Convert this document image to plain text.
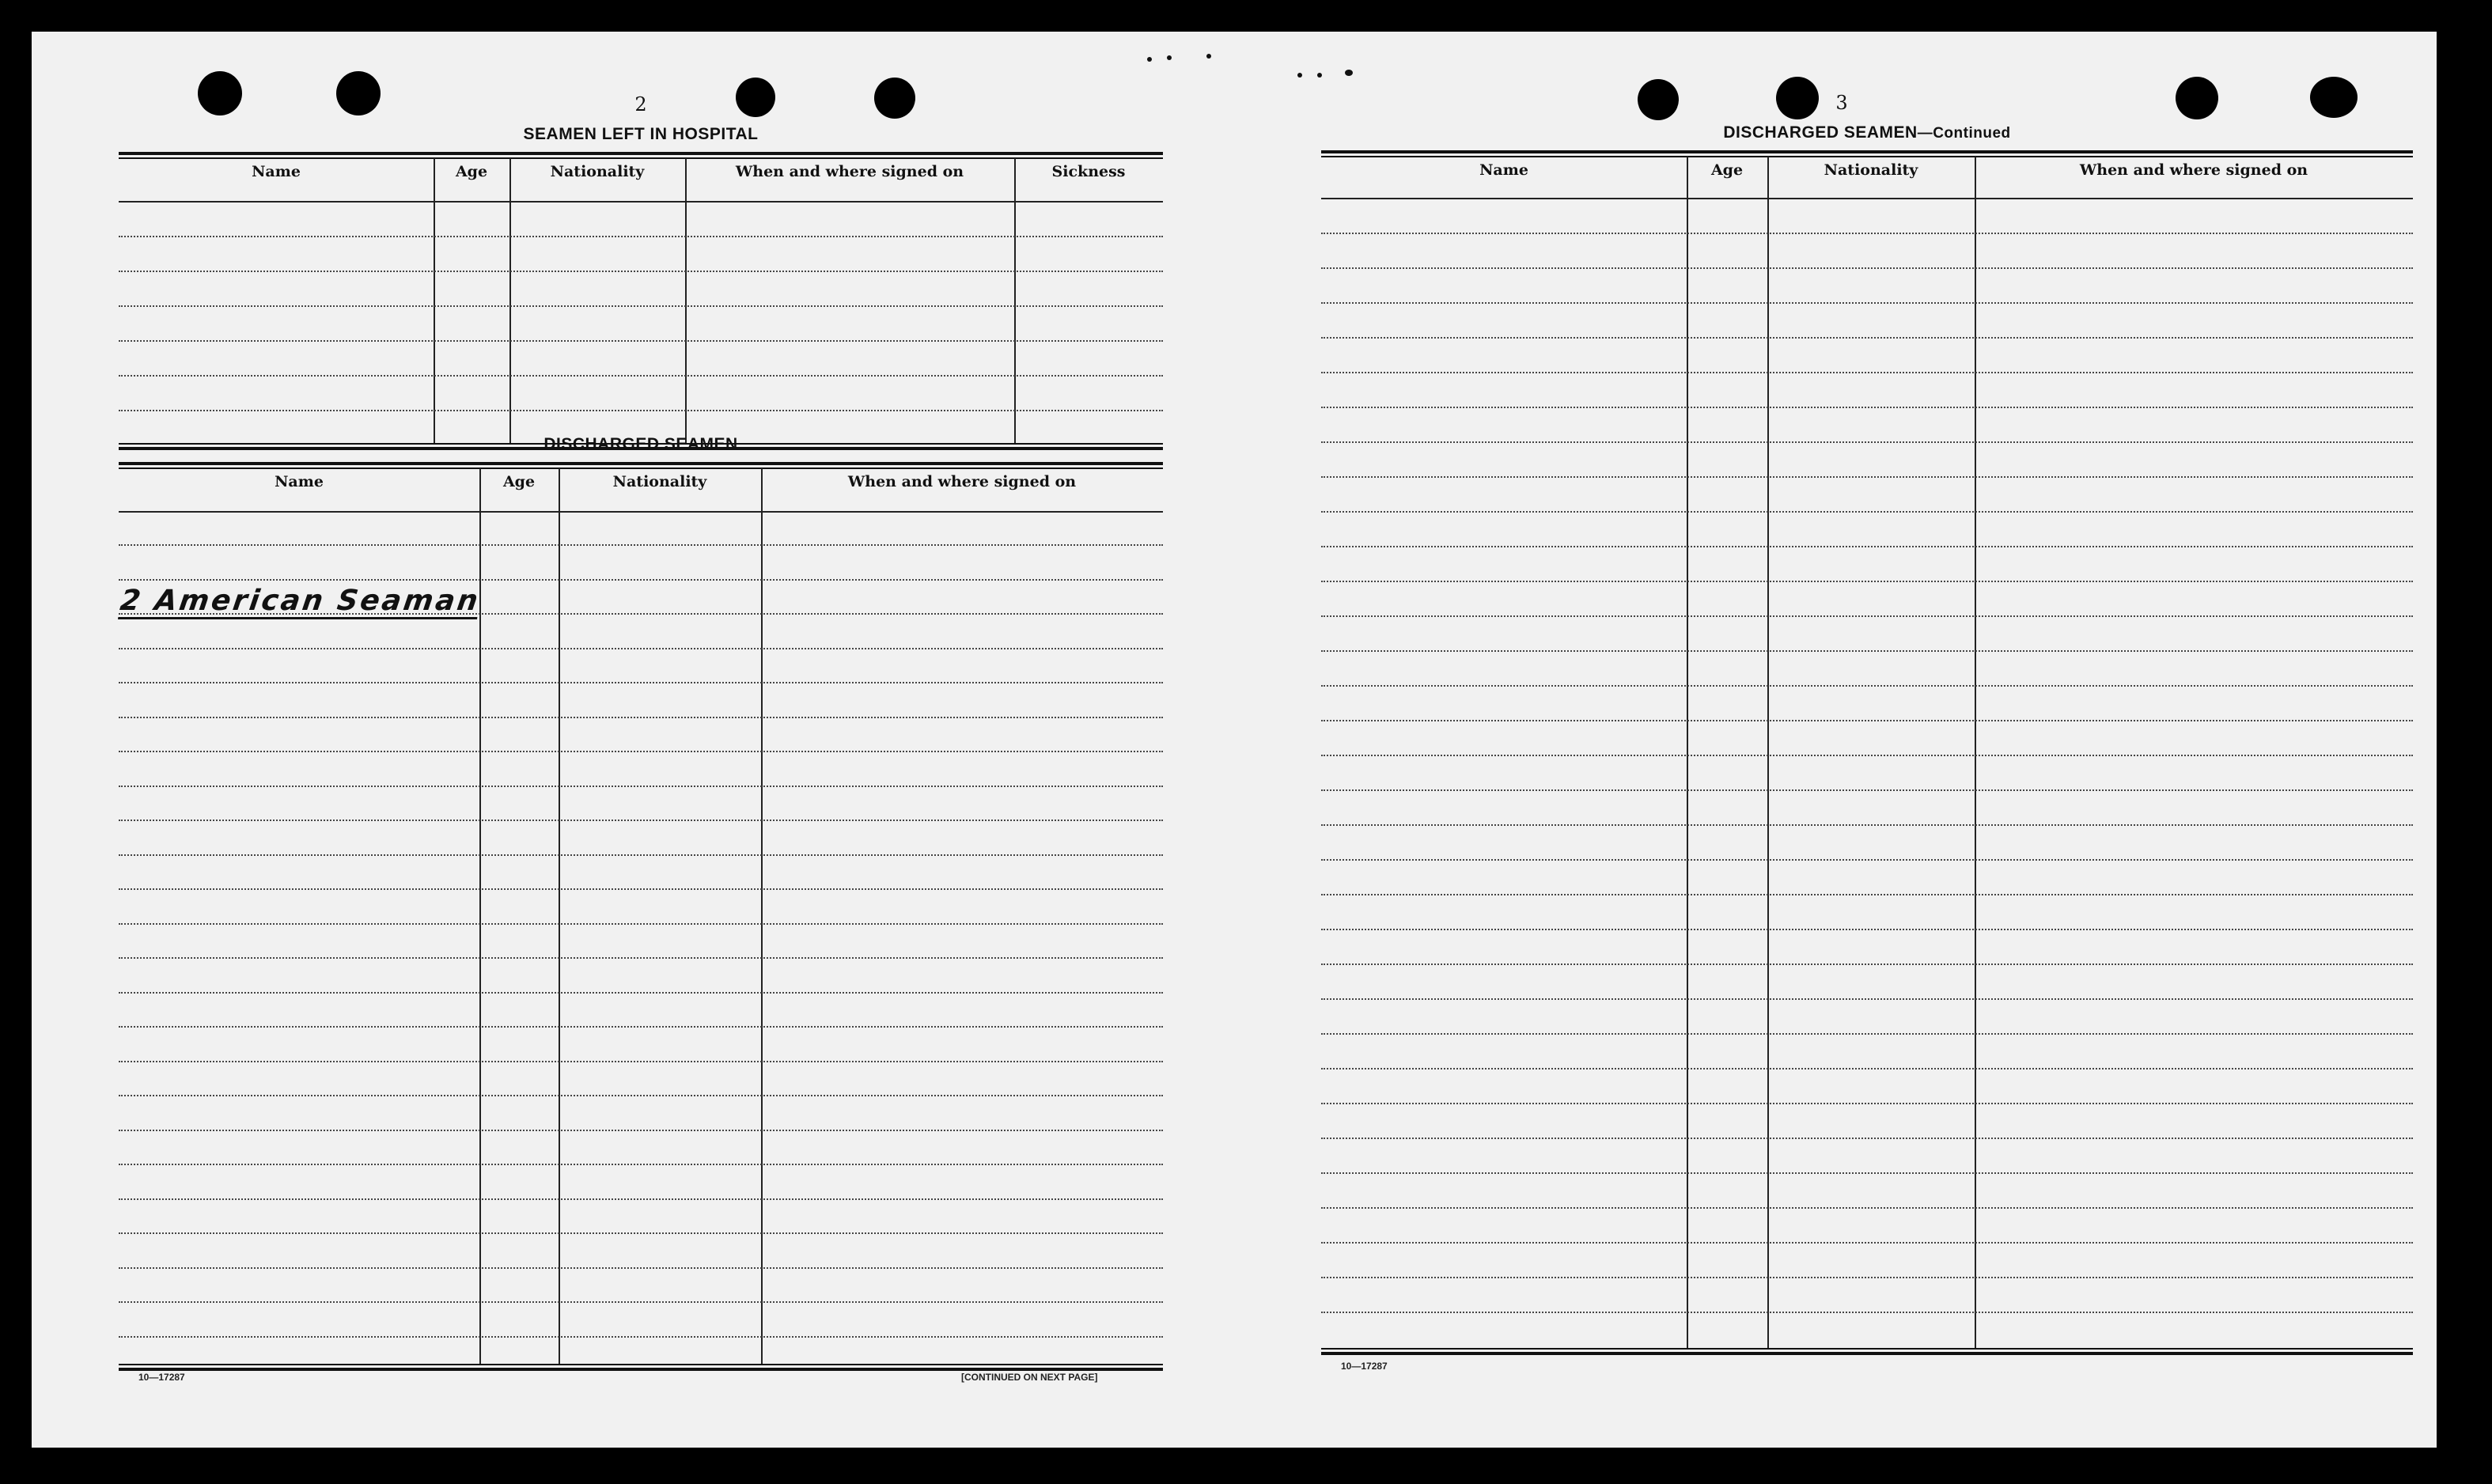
2
SEAMEN LEFT IN HOSPITAL
Name	Age	Nationality	When and where signed on	Sickness
DISCHARGED SEAMEN
Name	Age	Nationality	When and where signed on
2 American Seaman
10—17287	[CONTINUED ON NEXT PAGE]
3
DISCHARGED SEAMEN—Continued
Name	Age	Nationality	When and where signed on
10—17287
